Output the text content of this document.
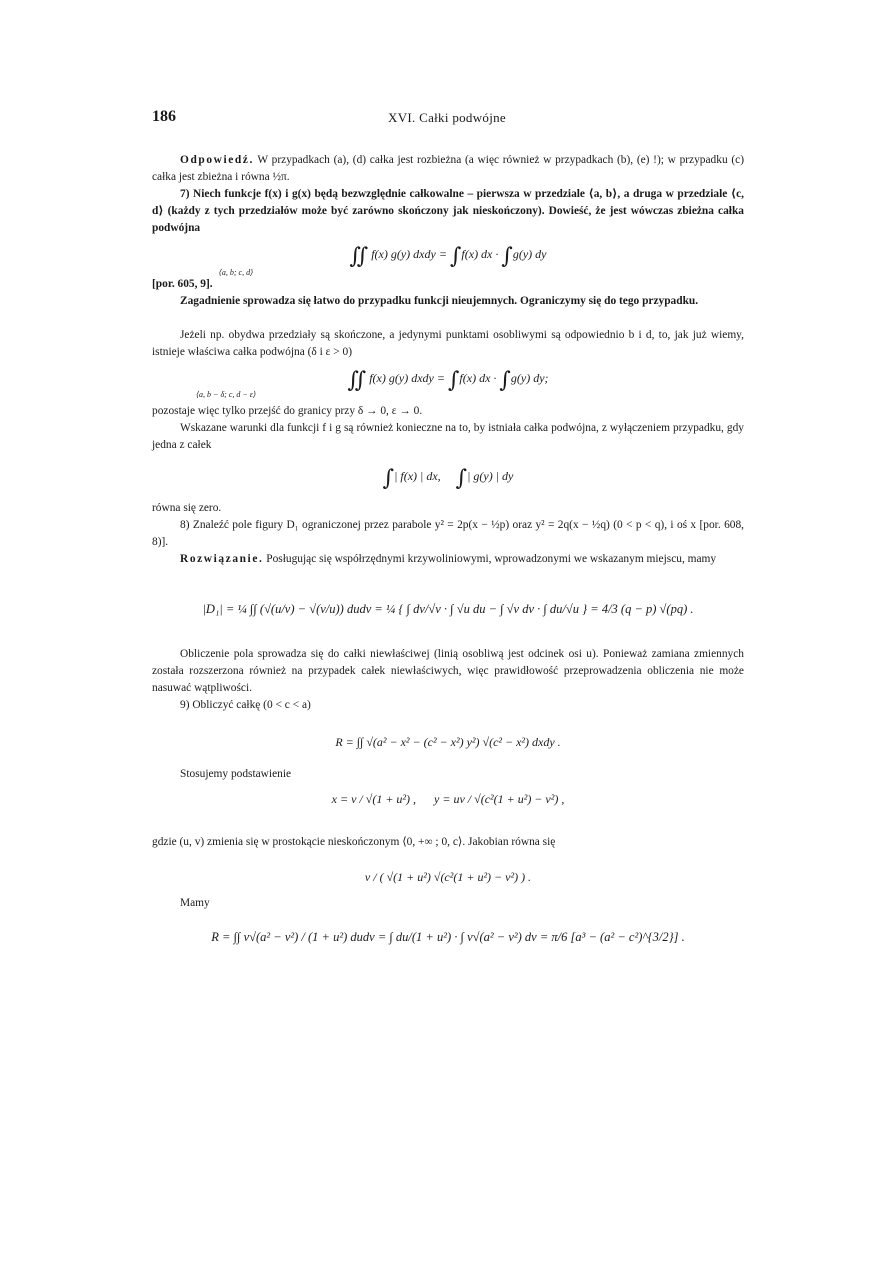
186	XVI. Całki podwójne

Odpowiedź. W przypadkach (a), (d) całka jest rozbieżna (a więc również w przypadkach (b), (e) !); w przypadku (c) całka jest zbieżna i równa ½π.

7) Niech funkcje f(x) i g(x) będą bezwzględnie całkowalne – pierwsza w przedziale ⟨a, b⟩, a druga w przedziale ⟨c, d⟩ (każdy z tych przedziałów może być zarówno skończony jak nieskończony). Dowieść, że jest wówczas zbieżna całka podwójna

∬ f(x) g(y) dxdy = ∫f(x) dx · ∫g(y) dy
⟨a, b; c, d⟩

[por. 605, 9].

Zagadnienie sprowadza się łatwo do przypadku funkcji nieujemnych. Ograniczymy się do tego przypadku.

Jeżeli np. obydwa przedziały są skończone, a jedynymi punktami osobliwymi są odpowiednio b i d, to, jak już wiemy, istnieje właściwa całka podwójna (δ i ε > 0)

∬ f(x) g(y) dxdy = ∫f(x) dx · ∫g(y) dy;
⟨a, b − δ; c, d − ε⟩

pozostaje więc tylko przejść do granicy przy δ → 0, ε → 0.

Wskazane warunki dla funkcji f i g są również konieczne na to, by istniała całka podwójna, z wyłączeniem przypadku, gdy jedna z całek

∫| f(x) | dx, ∫| g(y) | dy

równa się zero.

8) Znaleźć pole figury D₁ ograniczonej przez parabole y² = 2p(x − ½p) oraz y² = 2q(x − ½q) (0 < p < q), i oś x [por. 608, 8)].

Rozwiązanie. Posługując się współrzędnymi krzywoliniowymi, wprowadzonymi we wskazanym miejscu, mamy

|D₁| = ¼ ∫∫ (√(u/v) − √(v/u)) dudv = ¼ { ∫ dv/√v · ∫ √u du − ∫ √v dv · ∫ du/√u } = 4/3 (q − p) √(pq) .

Obliczenie pola sprowadza się do całki niewłaściwej (linią osobliwą jest odcinek osi u). Ponieważ zamiana zmiennych została rozszerzona również na przypadek całek niewłaściwych, więc prawidłowość przeprowadzenia obliczenia nie może nasuwać wątpliwości.

9) Obliczyć całkę (0 < c < a)

R = ∫∫ √(a² − x² − (c² − x²) y²) √(c² − x²) dxdy .

Stosujemy podstawienie

x = v / √(1 + u²) , y = uv / √(c²(1 + u²) − v²) ,

gdzie (u, v) zmienia się w prostokącie nieskończonym ⟨0, +∞ ; 0, c⟩. Jakobian równa się

v / ( √(1 + u²) √(c²(1 + u²) − v²) ) .

Mamy

R = ∫∫ v√(a² − v²) / (1 + u²) dudv = ∫ du/(1 + u²) · ∫ v√(a² − v²) dv = π/6 [a³ − (a² − c²)^{3/2}] .
